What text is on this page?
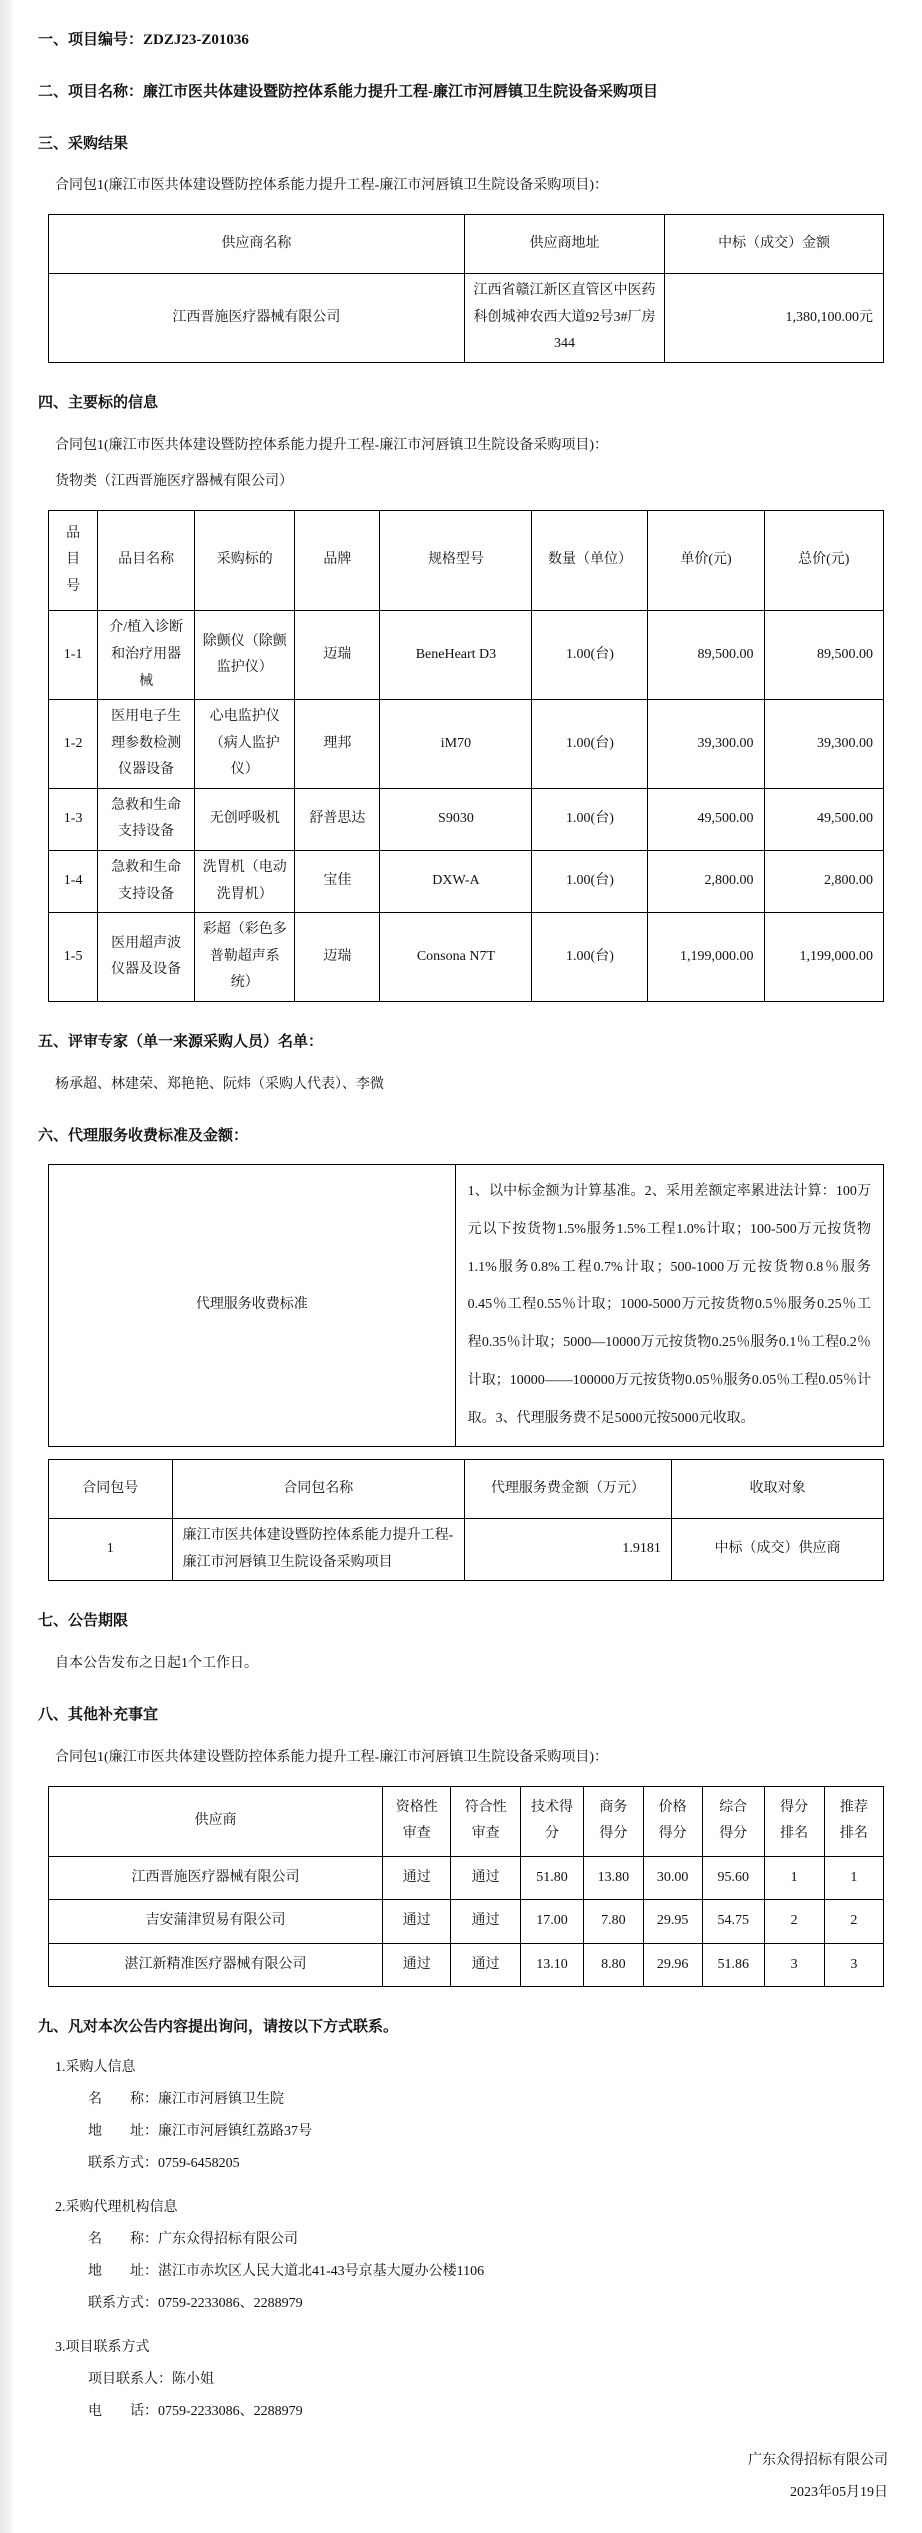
一、项目编号：ZDZJ23-Z01036
二、项目名称：廉江市医共体建设暨防控体系能力提升工程-廉江市河唇镇卫生院设备采购项目
三、采购结果
合同包1(廉江市医共体建设暨防控体系能力提升工程-廉江市河唇镇卫生院设备采购项目)：
供应商名称	供应商地址	中标（成交）金额
江西晋施医疗器械有限公司	江西省赣江新区直管区中医药科创城神农西大道92号3#厂房344	1,380,100.00元
四、主要标的信息
合同包1(廉江市医共体建设暨防控体系能力提升工程-廉江市河唇镇卫生院设备采购项目)：
货物类（江西晋施医疗器械有限公司）
品目号	品目名称	采购标的	品牌	规格型号	数量（单位）	单价(元)	总价(元)
1-1	介/植入诊断和治疗用器械	除颤仪（除颤监护仪）	迈瑞	BeneHeart D3	1.00(台)	89,500.00	89,500.00
1-2	医用电子生理参数检测仪器设备	心电监护仪（病人监护仪）	理邦	iM70	1.00(台)	39,300.00	39,300.00
1-3	急救和生命支持设备	无创呼吸机	舒普思达	S9030	1.00(台)	49,500.00	49,500.00
1-4	急救和生命支持设备	洗胃机（电动洗胃机）	宝佳	DXW-A	1.00(台)	2,800.00	2,800.00
1-5	医用超声波仪器及设备	彩超（彩色多普勒超声系统）	迈瑞	Consona N7T	1.00(台)	1,199,000.00	1,199,000.00
五、评审专家（单一来源采购人员）名单：
杨承超、林建荣、郑艳艳、阮炜（采购人代表）、李微
六、代理服务收费标准及金额：
代理服务收费标准	1、以中标金额为计算基准。2、采用差额定率累进法计算：100万元以下按货物1.5%服务1.5%工程1.0%计取；100-500万元按货物1.1%服务0.8%工程0.7%计取；500-1000万元按货物0.8％服务0.45％工程0.55％计取；1000-5000万元按货物0.5％服务0.25％工程0.35％计取；5000—10000万元按货物0.25％服务0.1％工程0.2％计取；10000——100000万元按货物0.05％服务0.05％工程0.05％计取。3、代理服务费不足5000元按5000元收取。
合同包号	合同包名称	代理服务费金额（万元）	收取对象
1	廉江市医共体建设暨防控体系能力提升工程-廉江市河唇镇卫生院设备采购项目	1.9181	中标（成交）供应商
七、公告期限
自本公告发布之日起1个工作日。
八、其他补充事宜
合同包1(廉江市医共体建设暨防控体系能力提升工程-廉江市河唇镇卫生院设备采购项目)：
供应商	资格性审查	符合性审查	技术得分	商务得分	价格得分	综合得分	得分排名	推荐排名
江西晋施医疗器械有限公司	通过	通过	51.80	13.80	30.00	95.60	1	1
吉安蒲津贸易有限公司	通过	通过	17.00	7.80	29.95	54.75	2	2
湛江新精准医疗器械有限公司	通过	通过	13.10	8.80	29.96	51.86	3	3
九、凡对本次公告内容提出询问，请按以下方式联系。
1.采购人信息
名　　称：廉江市河唇镇卫生院
地　　址：廉江市河唇镇红荔路37号
联系方式：0759-6458205
2.采购代理机构信息
名　　称：广东众得招标有限公司
地　　址：湛江市赤坎区人民大道北41-43号京基大厦办公楼1106
联系方式：0759-2233086、2288979
3.项目联系方式
项目联系人：陈小姐
电　　话：0759-2233086、2288979
广东众得招标有限公司
2023年05月19日
